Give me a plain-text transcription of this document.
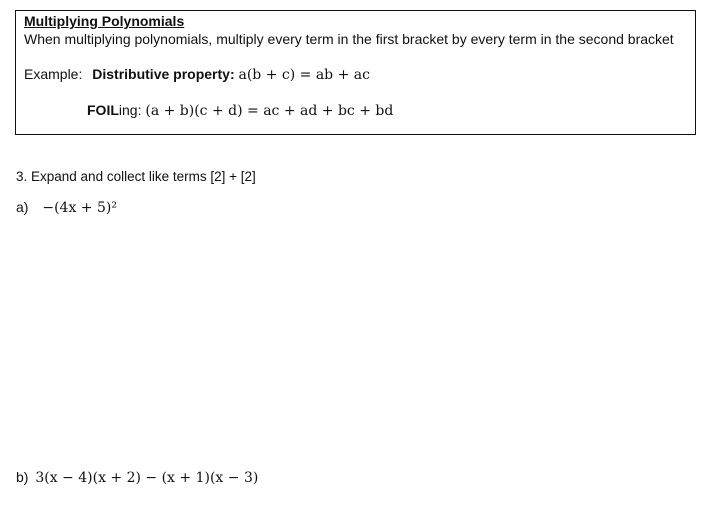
Multiplying Polynomials
When multiplying polynomials, multiply every term in the first bracket by every term in the second bracket
Example: Distributive property: a(b + c) = ab + ac
FOILing: (a + b)(c + d) = ac + ad + bc + bd
3. Expand and collect like terms [2] + [2]
a) −(4x + 5)²
b) 3(x − 4)(x + 2) − (x + 1)(x − 3)
